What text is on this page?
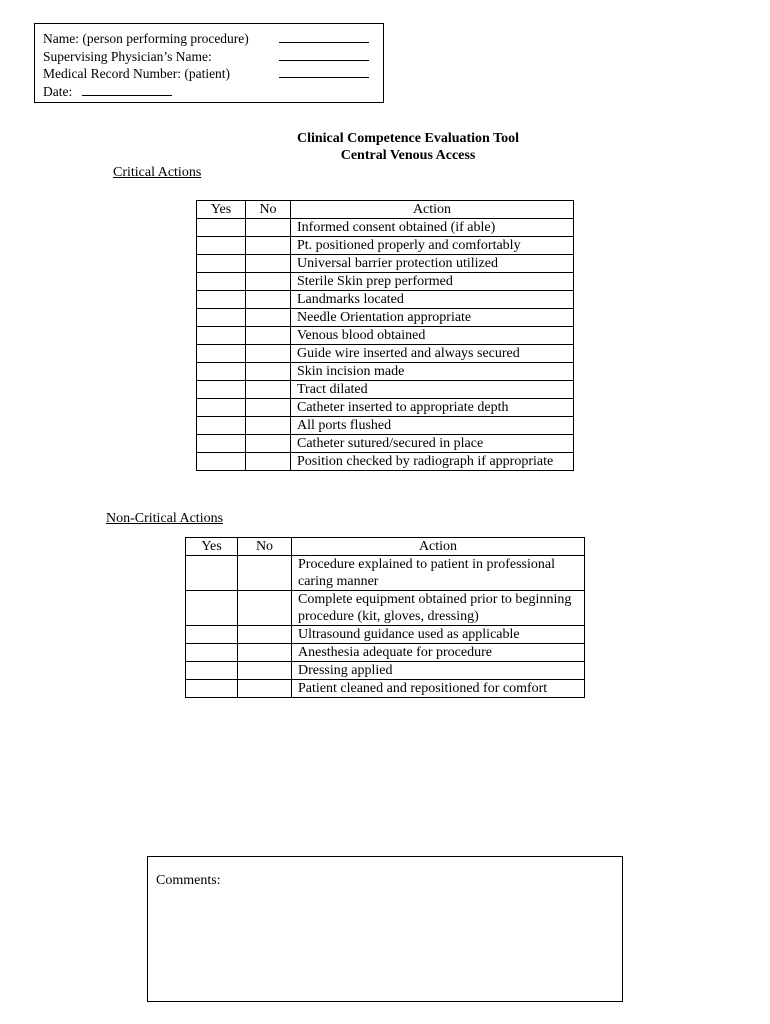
Name: (person performing procedure)
Supervising Physician’s Name:
Medical Record Number: (patient)
Date:
Clinical Competence Evaluation Tool
Central Venous Access
Critical Actions
Yes	No	Action
		Informed consent obtained (if able)
		Pt. positioned properly and comfortably
		Universal barrier protection utilized
		Sterile Skin prep performed
		Landmarks located
		Needle Orientation appropriate
		Venous blood obtained
		Guide wire inserted and always secured
		Skin incision made
		Tract dilated
		Catheter inserted to appropriate depth
		All ports flushed
		Catheter sutured/secured in place
		Position checked by radiograph if appropriate
Non-Critical Actions
Yes	No	Action
		Procedure explained to patient in professional caring manner
		Complete equipment obtained prior to beginning procedure (kit, gloves, dressing)
		Ultrasound guidance used as applicable
		Anesthesia adequate for procedure
		Dressing applied
		Patient cleaned and repositioned for comfort
Comments:
